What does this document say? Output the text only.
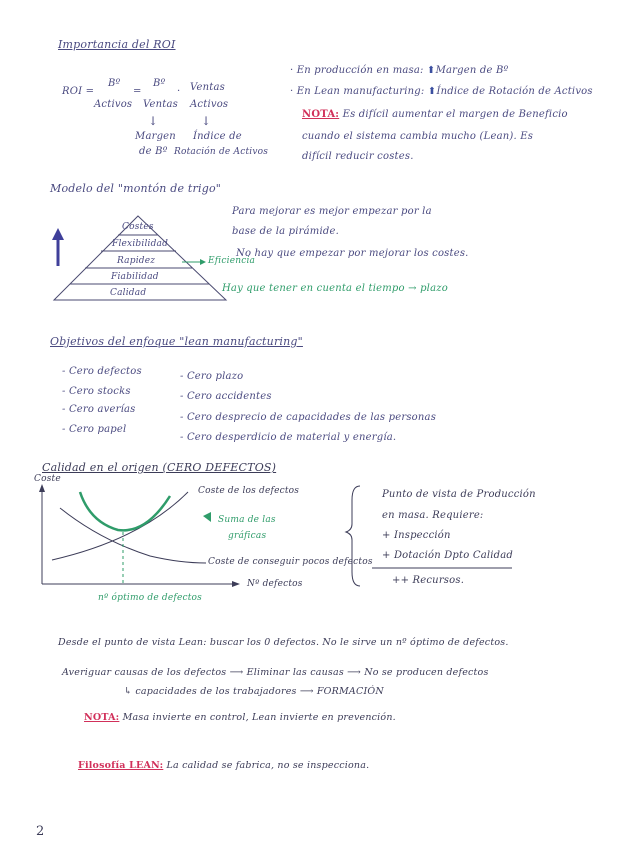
Importancia del ROI
ROI =
Bº
Activos
=
Bº
Ventas
· Ventas
Activos
↓	↓
Margen
de Bº
Índice de
Rotación de Activos
· En producción en masa: ⬆Margen de Bº
· En Lean manufacturing: ⬆Índice de Rotación de Activos
NOTA: Es difícil aumentar el margen de Beneficio
cuando el sistema cambia mucho (Lean). Es
difícil reducir costes.
Modelo del "montón de trigo"
Costes
Flexibilidad
Rapidez
Fiabilidad
Calidad
Eficiencia
Para mejorar es mejor empezar por la
base de la pirámide.
No hay que empezar por mejorar los costes.
Hay que tener en cuenta el tiempo → plazo
Objetivos del enfoque "lean manufacturing"
- Cero defectos
- Cero stocks
- Cero averías
- Cero papel
- Cero plazo
- Cero accidentes
- Cero desprecio de capacidades de las personas
- Cero desperdicio de material y energía.
Calidad en el origen (CERO DEFECTOS)
Coste
Coste de los defectos
Suma de las
gráficas
Coste de conseguir pocos defectos
Nº defectos
nº óptimo de defectos
Punto de vista de Producción
en masa. Requiere:
+ Inspección
+ Dotación Dpto Calidad
++ Recursos.
Desde el punto de vista Lean: buscar los 0 defectos. No le sirve un nº óptimo de defectos.
Averiguar causas de los defectos ⟶ Eliminar las causas ⟶ No se producen defectos
↳ capacidades de los trabajadores ⟶ FORMACIÓN
NOTA: Masa invierte en control, Lean invierte en prevención.
Filosofía LEAN: La calidad se fabrica, no se inspecciona.
2
